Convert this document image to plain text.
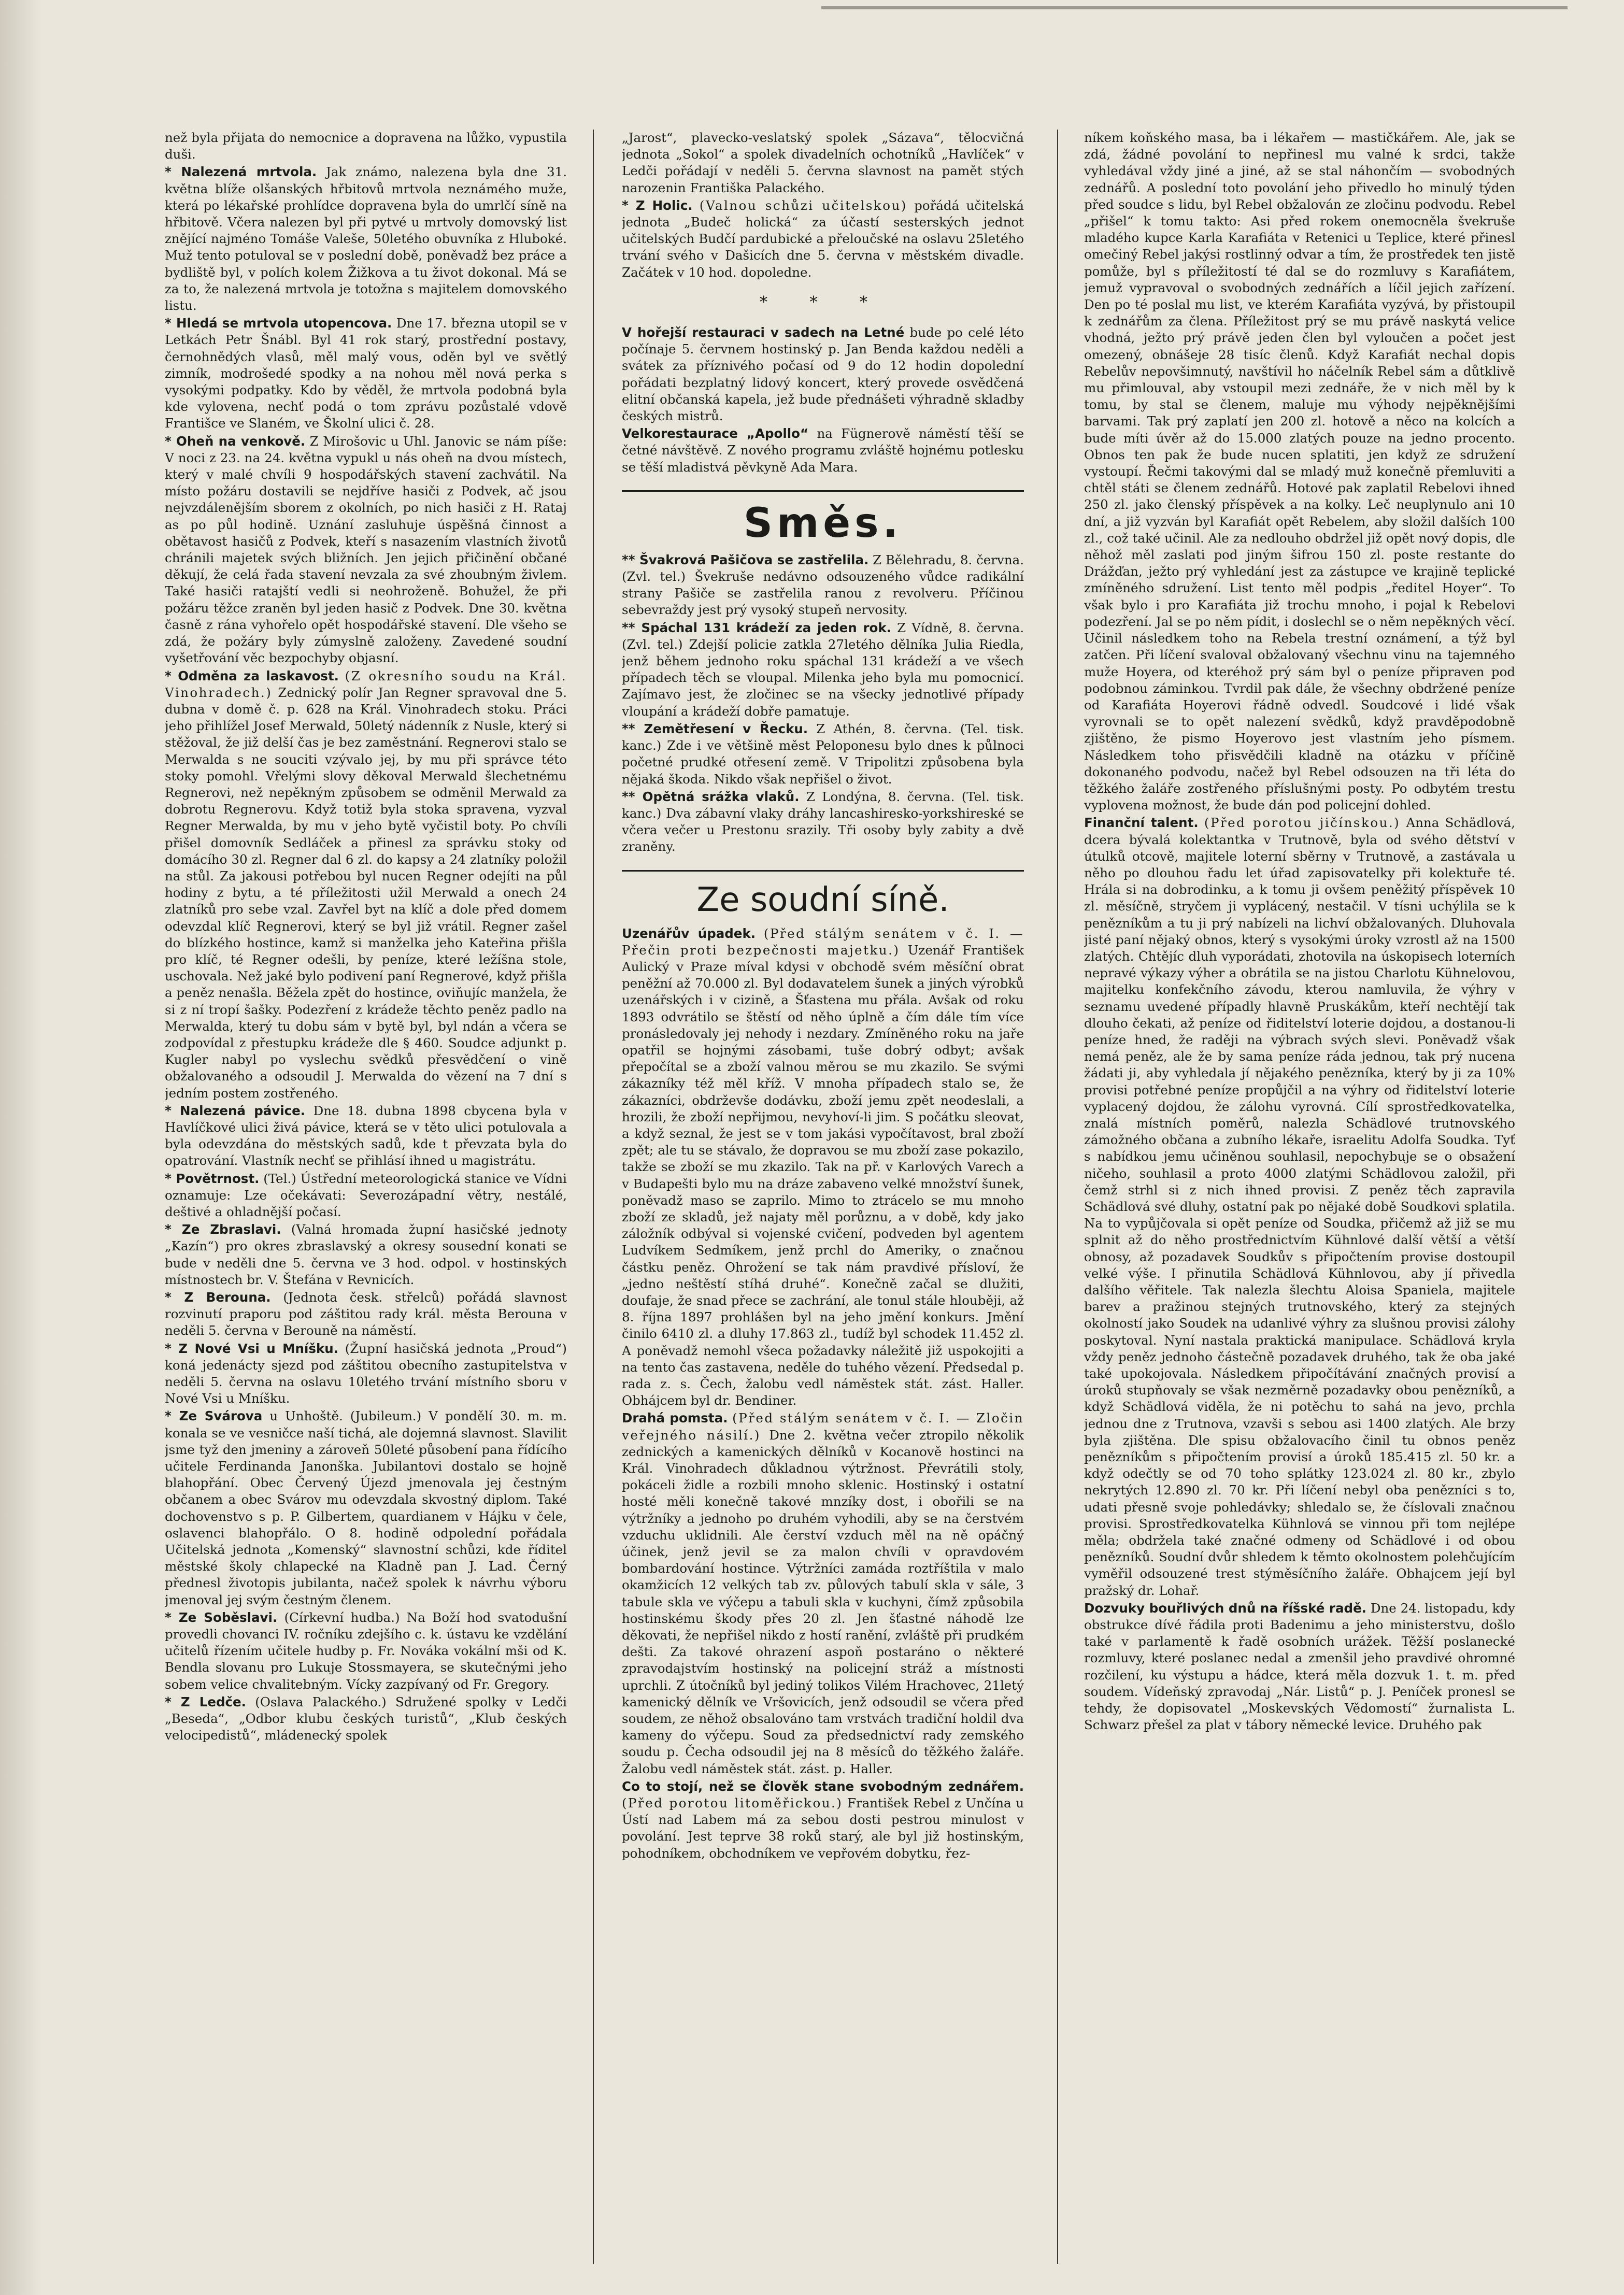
než byla přijata do nemocnice a dopravena na lůžko, vypustila duši.

* Nalezená mrtvola. Jak známo, nalezena byla dne 31. května blíže olšanských hřbitovů mrtvola neznámého muže, která po lékařské prohlídce dopravena byla do umrlčí síně na hřbitově. Včera nalezen byl při pytvé u mrtvoly domovský list znějící najméno Tomáše Valeše, 50letého obuvníka z Hluboké. Muž tento potuloval se v poslední době, poněvadž bez práce a bydliště byl, v polích kolem Žižkova a tu život dokonal. Má se za to, že nalezená mrtvola je totožna s majitelem domovského listu.

* Hledá se mrtvola utopencova. Dne 17. března utopil se v Letkách Petr Šnábl. Byl 41 rok starý, prostřední postavy, černohnědých vlasů, měl malý vous, oděn byl ve světlý zimník, modrošedé spodky a na nohou měl nová perka s vysokými podpatky. Kdo by věděl, že mrtvola podobná byla kde vylovena, nechť podá o tom zprávu pozůstalé vdově Františce ve Slaném, ve Školní ulici č. 28.

* Oheň na venkově. Z Mirošovic u Uhl. Janovic se nám píše: V noci z 23. na 24. května vypukl u nás oheň na dvou místech, který v malé chvíli 9 hospodářských stavení zachvátil. Na místo požáru dostavili se nejdříve hasiči z Podvek, ač jsou nejvzdálenějším sborem z okolních, po nich hasiči z H. Rataj as po půl hodině. Uznání zasluhuje úspěšná činnost a obětavost hasičů z Podvek, kteří s nasazením vlastních životů chránili majetek svých bližních. Jen jejich přičinění občané děkují, že celá řada stavení nevzala za své zhoubným živlem. Také hasiči ratajští vedli si neohroženě. Bohužel, že při požáru těžce zraněn byl jeden hasič z Podvek. Dne 30. května časně z rána vyhořelo opět hospodářské stavení. Dle všeho se zdá, že požáry byly zúmyslně založeny. Zavedené soudní vyšetřování věc bezpochyby objasní.

* Odměna za laskavost. (Z okresního soudu na Král. Vinohradech.) Zednický polír Jan Regner spravoval dne 5. dubna v domě č. p. 628 na Král. Vinohradech stoku. Práci jeho přihlížel Josef Merwald, 50letý nádenník z Nusle, který si stěžoval, že již delší čas je bez zaměstnání. Regnerovi stalo se Merwalda s ne souciti vzývalo jej, by mu při správce této stoky pomohl. Vřelými slovy děkoval Merwald šlechetnému Regnerovi, než nepěkným způsobem se odměnil Merwald za dobrotu Regnerovu. Když totiž byla stoka spravena, vyzval Regner Merwalda, by mu v jeho bytě vyčistil boty. Po chvíli přišel domovník Sedláček a přinesl za správku stoky od domácího 30 zl. Regner dal 6 zl. do kapsy a 24 zlatníky položil na stůl. Za jakousi potřebou byl nucen Regner odejíti na půl hodiny z bytu, a té příležitosti užil Merwald a onech 24 zlatníků pro sebe vzal. Zavřel byt na klíč a dole před domem odevzdal klíč Regnerovi, který se byl již vrátil. Regner zašel do blízkého hostince, kamž si manželka jeho Kateřina přišla pro klíč, té Regner odešli, by peníze, které ležíšna stole, uschovala. Než jaké bylo podivení paní Regnerové, když přišla a peněz nenašla. Běžela zpět do hostince, oviňujíc manžela, že si z ní tropí šašky. Podezření z krádeže těchto peněz padlo na Merwalda, který tu dobu sám v bytě byl, byl ndán a včera se zodpovídal z přestupku krádeže dle § 460. Soudce adjunkt p. Kugler nabyl po vyslechu svědků přesvědčení o vině obžalovaného a odsoudil J. Merwalda do vězení na 7 dní s jedním postem zostřeného.

* Nalezená pávice. Dne 18. dubna 1898 cbycena byla v Havlíčkové ulici živá pávice, která se v těto ulici potulovala a byla odevzdána do městských sadů, kde t převzata byla do opatrování. Vlastník nechť se přihlásí ihned u magistrátu.

* Povětrnost. (Tel.) Ústřední meteorologická stanice ve Vídni oznamuje: Lze očekávati: Severozápadní větry, nestálé, deštivé a ohladnější počasí.

* Ze Zbraslavi. (Valná hromada župní hasičské jednoty „Kazín“) pro okres zbraslavský a okresy sousední konati se bude v neděli dne 5. června ve 3 hod. odpol. v hostinských místnostech br. V. Štefána v Revnicích.

* Z Berouna. (Jednota česk. střelců) pořádá slavnost rozvinutí praporu pod záštitou rady král. města Berouna v neděli 5. června v Berouně na náměstí.

* Z Nové Vsi u Mníšku. (Župní hasičská jednota „Proud“) koná jedenácty sjezd pod záštitou obecního zastupitelstva v neděli 5. června na oslavu 10letého trvání místního sboru v Nové Vsi u Mníšku.

* Ze Svárova u Unhoště. (Jubileum.) V pondělí 30. m. m. konala se ve vesničce naší tichá, ale dojemná slavnost. Slavilit jsme tyž den jmeniny a zároveň 50leté působení pana řídícího učitele Ferdinanda Janonška. Jubilantovi dostalo se hojně blahopřání. Obec Červený Újezd jmenovala jej čestným občanem a obec Svárov mu odevzdala skvostný diplom. Také dochovenstvo s p. P. Gilbertem, quardianem v Hájku v čele, oslavenci blahopřálo. O 8. hodině odpolední pořádala Učitelská jednota „Komenský“ slavnostní schůzi, kde říditel městské školy chlapecké na Kladně pan J. Lad. Černý přednesl životopis jubilanta, načež spolek k návrhu výboru jmenoval jej svým čestným členem.

* Ze Soběslavi. (Církevní hudba.) Na Boží hod svatodušní provedli chovanci IV. ročníku zdejšího c. k. ústavu ke vzdělání učitelů řízením učitele hudby p. Fr. Nováka vokální mši od K. Bendla slovanu pro Lukuje Stossmayera, se skutečnými jeho sobem velice chvalitebným. Vícky zazpívaný od Fr. Gregory.

* Z Ledče. (Oslava Palackého.) Sdružené spolky v Ledči „Beseda“, „Odbor klubu českých turistů“, „Klub českých velocipedistů“, mládenecký spolek

„Jarost“, plavecko-veslatský spolek „Sázava“, tělocvičná jednota „Sokol“ a spolek divadelních ochotníků „Havlíček“ v Ledči pořádají v neděli 5. června slavnost na pamět stých narozenin Františka Palackého.

* Z Holic. (Valnou schůzi učitelskou) pořádá učitelská jednota „Budeč holická“ za účastí sesterských jednot učitelských Budčí pardubické a přeloučské na oslavu 25letého trvání svého v Dašicích dne 5. června v městském divadle. Začátek v 10 hod. dopoledne.

* * *

V hořejší restauraci v sadech na Letné bude po celé léto počínaje 5. červnem hostinský p. Jan Benda každou neděli a svátek za příznivého počasí od 9 do 12 hodin dopolední pořádati bezplatný lidový koncert, který provede osvědčená elitní občanská kapela, jež bude přednášeti výhradně skladby českých mistrů.

Velkorestaurace „Apollo“ na Fügnerově náměstí těší se četné návštěvě. Z nového programu zvláště hojnému potlesku se těší mladistvá pěvkyně Ada Mara.

Směs.

** Švakrová Pašičova se zastřelila. Z Bělehradu, 8. června. (Zvl. tel.) Švekruše nedávno odsouzeného vůdce radikální strany Pašiče se zastřelila ranou z revolveru. Příčinou sebevraždy jest prý vysoký stupeň nervosity.

** Spáchal 131 krádeží za jeden rok. Z Vídně, 8. června. (Zvl. tel.) Zdejší policie zatkla 27letého dělníka Julia Riedla, jenž během jednoho roku spáchal 131 krádeží a ve všech případech těch se vloupal. Milenka jeho byla mu pomocnicí. Zajímavo jest, že zločinec se na všecky jednotlivé případy vloupání a krádeží dobře pamatuje.

** Zemětřesení v Řecku. Z Athén, 8. června. (Tel. tisk. kanc.) Zde i ve většině měst Peloponesu bylo dnes k půlnoci početné prudké otřesení země. V Tripolitzi způsobena byla nějaká škoda. Nikdo však nepřišel o život.

** Opětná srážka vlaků. Z Londýna, 8. června. (Tel. tisk. kanc.) Dva zábavní vlaky dráhy lancashiresko-yorkshireské se včera večer u Prestonu srazily. Tři osoby byly zabity a dvě zraněny.

Ze soudní síně.

Uzenářův úpadek. (Před stálým senátem v č. I. — Přečin proti bezpečnosti majetku.) Uzenář František Aulický v Praze míval kdysi v obchodě svém měsíční obrat peněžní až 70.000 zl. Byl dodavatelem šunek a jiných výrobků uzenářských i v cizině, a Šťastena mu přála. Avšak od roku 1893 odvrátilo se štěstí od něho úplně a čím dále tím více pronásledovaly jej nehody i nezdary. Zmíněného roku na jaře opatřil se hojnými zásobami, tuše dobrý odbyt; avšak přepočítal se a zboží valnou měrou se mu zkazilo. Se svými zákazníky též měl kříž. V mnoha případech stalo se, že zákazníci, obdrževše dodávku, zboží jemu zpět neodeslali, a hrozili, že zboží nepřijmou, nevyhoví-li jim. S počátku sleovat, a když seznal, že jest se v tom jakási vypočítavost, bral zboží zpět; ale tu se stávalo, že dopravou se mu zboží zase pokazilo, takže se zboží se mu zkazilo. Tak na př. v Karlových Varech a v Budapešti bylo mu na dráze zabaveno velké množství šunek, poněvadž maso se zaprilo. Mimo to ztrácelo se mu mnoho zboží ze skladů, jež najaty měl porůznu, a v době, kdy jako záložník odbýval si vojenské cvičení, podveden byl agentem Ludvíkem Sedmíkem, jenž prchl do Ameriky, o značnou částku peněz. Ohrožení se tak nám pravdivé přísloví, že „jedno neštěstí stíhá druhé“. Konečně začal se dlužiti, doufaje, že snad přece se zachrání, ale tonul stále hlouběji, až 8. října 1897 prohlášen byl na jeho jmění konkurs. Jmění činilo 6410 zl. a dluhy 17.863 zl., tudíž byl schodek 11.452 zl. A poněvadž nemohl všeca požadavky náležitě již uspokojiti a na tento čas zastavena, neděle do tuhého vězení. Předsedal p. rada z. s. Čech, žalobu vedl náměstek stát. zást. Haller. Obhájcem byl dr. Bendiner.

Drahá pomsta. (Před stálým senátem v č. I. — Zločin veřejného násilí.) Dne 2. května večer ztropilo několik zednických a kamenických dělníků v Kocanově hostinci na Král. Vinohradech důkladnou výtržnost. Převrátili stoly, pokáceli židle a rozbili mnoho sklenic. Hostinský i ostatní hosté měli konečně takové mnzíky dost, i obořili se na výtržníky a jednoho po druhém vyhodili, aby se na čerstvém vzduchu uklidnili. Ale čerství vzduch měl na ně opáčný účinek, jenž jevil se za malon chvíli v opravdovém bombardování hostince. Výtržníci zamáda roztříštila v malo okamžicích 12 velkých tab zv. půlových tabulí skla v sále, 3 tabule skla ve výčepu a tabuli skla v kuchyni, čímž způsobila hostinskému škody přes 20 zl. Jen šťastné náhodě lze děkovati, že nepřišel nikdo z hostí ranění, zvláště při prudkém dešti. Za takové ohrazení aspoň postaráno o některé zpravodajstvím hostinský na policejní stráž a místnosti uprchli. Z útočníků byl jediný tolikos Vilém Hrachovec, 21letý kamenický dělník ve Vršovicích, jenž odsoudil se včera před soudem, ze něhož obsalováno tam vrstvách tradiční holdil dva kameny do výčepu. Soud za předsednictví rady zemského soudu p. Čecha odsoudil jej na 8 měsíců do těžkého žaláře. Žalobu vedl náměstek stát. zást. p. Haller.

Co to stojí, než se člověk stane svobodným zednářem. (Před porotou litoměřickou.) František Rebel z Unčína u Ústí nad Labem má za sebou dosti pestrou minulost v povolání. Jest teprve 38 roků starý, ale byl již hostinským, pohodníkem, obchodníkem ve vepřovém dobytku, řez-

níkem koňského masa, ba i lékařem — mastičkářem. Ale, jak se zdá, žádné povolání to nepřinesl mu valné k srdci, takže vyhledával vždy jiné a jiné, až se stal náhončím — svobodných zednářů. A poslední toto povolání jeho přivedlo ho minulý týden před soudce s lidu, byl Rebel obžalován ze zločinu podvodu. Rebel „přišel“ k tomu takto: Asi před rokem onemocněla švekruše mladého kupce Karla Karafiáta v Retenici u Teplice, které přinesl omečiný Rebel jakýsi rostlinný odvar a tím, že prostředek ten jistě pomůže, byl s příležitostí té dal se do rozmluvy s Karafiátem, jemuž vypravoval o svobodných zednářích a líčil jejich zařízení. Den po té poslal mu list, ve kterém Karafiáta vyzývá, by přistoupil k zednářům za člena. Příležitost prý se mu právě naskytá velice vhodná, ježto prý právě jeden člen byl vyloučen a počet jest omezený, obnášeje 28 tisíc členů. Když Karafiát nechal dopis Rebelův nepovšimnutý, navštívil ho náčelník Rebel sám a důtklivě mu přimlouval, aby vstoupil mezi zednáře, že v nich měl by k tomu, by stal se členem, maluje mu výhody nejpěknějšími barvami. Tak prý zaplatí jen 200 zl. hotově a něco na kolcích a bude míti úvěr až do 15.000 zlatých pouze na jedno procento. Obnos ten pak že bude nucen splatiti, jen když ze sdružení vystoupí. Řečmi takovými dal se mladý muž konečně přemluviti a chtěl státi se členem zednářů. Hotové pak zaplatil Rebelovi ihned 250 zl. jako členský příspěvek a na kolky. Leč neuplynulo ani 10 dní, a již vyzván byl Karafiát opět Rebelem, aby složil dalších 100 zl., což také učinil. Ale za nedlouho obdržel již opět nový dopis, dle něhož měl zaslati pod jiným šifrou 150 zl. poste restante do Drážďan, ježto prý vyhledání jest za zástupce ve krajině teplické zmíněného sdružení. List tento měl podpis „ředitel Hoyer“. To však bylo i pro Karafiáta již trochu mnoho, i pojal k Rebelovi podezření. Jal se po něm pídit, i doslechl se o něm nepěkných věcí. Učinil následkem toho na Rebela trestní oznámení, a týž byl zatčen. Při líčení svaloval obžalovaný všechnu vinu na tajemného muže Hoyera, od kteréhož prý sám byl o peníze připraven pod podobnou záminkou. Tvrdil pak dále, že všechny obdržené peníze od Karafiáta Hoyerovi řádně odvedl. Soudcové i lidé však vyrovnali se to opět nalezení svědků, když pravděpodobně zjištěno, že pismo Hoyerovo jest vlastním jeho písmem. Následkem toho přisvědčili kladně na otázku v příčině dokonaného podvodu, načež byl Rebel odsouzen na tři léta do těžkého žaláře zostřeného příslušnými posty. Po odbytém trestu vyplovena možnost, že bude dán pod policejní dohled.

Finanční talent. (Před porotou jičínskou.) Anna Schädlová, dcera bývalá kolektantka v Trutnově, byla od svého dětství v útulků otcově, majitele loterní sběrny v Trutnově, a zastávala u něho po dlouhou řadu let úřad zapisovatelky při kolektuře té. Hrála si na dobrodinku, a k tomu ji ovšem peněžitý příspěvek 10 zl. měsíčně, stryčem ji vyplácený, nestačil. V tísni uchýlila se k penězníkům a tu ji prý nabízeli na lichví obžalovaných. Dluhovala jisté paní nějaký obnos, který s vysokými úroky vzrostl až na 1500 zlatých. Chtějíc dluh vyporádati, zhotovila na úskopisech loterních nepravé výkazy výher a obrátila se na jistou Charlotu Kühnelovou, majitelku konfekčního závodu, kterou namluvila, že výhry v seznamu uvedené případly hlavně Pruskákům, kteří nechtějí tak dlouho čekati, až peníze od řiditelství loterie dojdou, a dostanou-li peníze hned, že raději na výbrach svých slevi. Poněvadž však nemá peněz, ale že by sama peníze ráda jednou, tak prý nucena žádati ji, aby vyhledala jí nějakého penězníka, který by ji za 10% provisi potřebné peníze propůjčil a na výhry od řiditelství loterie vyplacený dojdou, že zálohu vyrovná. Cílí sprostředkovatelka, znalá místních poměrů, nalezla Schädlové trutnovského zámožného občana a zubního lékaře, israelitu Adolfa Soudka. Tyť s nabídkou jemu učiněnou souhlasil, nepochybuje se o obsažení ničeho, souhlasil a proto 4000 zlatými Schädlovou založil, při čemž strhl si z nich ihned provisi. Z peněz těch zapravila Schädlová své dluhy, ostatní pak po nějaké době Soudkovi splatila. Na to vypůjčovala si opět peníze od Soudka, přičemž až již se mu splnit až do něho prostřednictvím Kühnlové další větší a větší obnosy, až pozadavek Soudkův s připočtením provise dostoupil velké výše. I přinutila Schädlová Kühnlovou, aby jí přivedla dalšího věřitele. Tak nalezla šlechtu Aloisa Spaniela, majitele barev a pražinou stejných trutnovského, který za stejných okolností jako Soudek na udanlivé výhry za slušnou provisi zálohy poskytoval. Nyní nastala praktická manipulace. Schädlová kryla vždy peněz jednoho částečně pozadavek druhého, tak že oba jaké také upokojovala. Následkem připočítávání značných provisí a úroků stupňovaly se však nezměrně pozadavky obou penězníků, a když Schädlová viděla, že ni potěchu to sahá na jevo, prchla jednou dne z Trutnova, vzavši s sebou asi 1400 zlatých. Ale brzy byla zjištěna. Dle spisu obžalovacího činil tu obnos peněz penězníkům s připočtením provisí a úroků 185.415 zl. 50 kr. a když odečtly se od 70 toho splátky 123.024 zl. 80 kr., zbylo nekrytých 12.890 zl. 70 kr. Při líčení nebyl oba penězníci s to, udati přesně svoje pohledávky; shledalo se, že číslovali značnou provisi. Sprostředkovatelka Kühnlová se vinnou při tom nejlépe měla; obdržela také značné odmeny od Schädlové i od obou penězníků. Soudní dvůr shledem k těmto okolnostem polehčujícím vyměřil odsouzené trest stýměsíčního žaláře. Obhajcem její byl pražský dr. Lohař.

Dozvuky bouřlivých dnů na říšské radě. Dne 24. listopadu, kdy obstrukce dívé řádila proti Badenimu a jeho ministerstvu, došlo také v parlamentě k řadě osobních urážek. Těžší poslanecké rozmluvy, které poslanec nedal a zmenšil jeho pravdivé ohromné rozčilení, ku výstupu a hádce, která měla dozvuk 1. t. m. před soudem. Vídeňský zpravodaj „Nár. Listů“ p. J. Peníček pronesl se tehdy, že dopisovatel „Moskevských Vědomostí“ žurnalista L. Schwarz přešel za plat v tábory německé levice. Druhého pak
